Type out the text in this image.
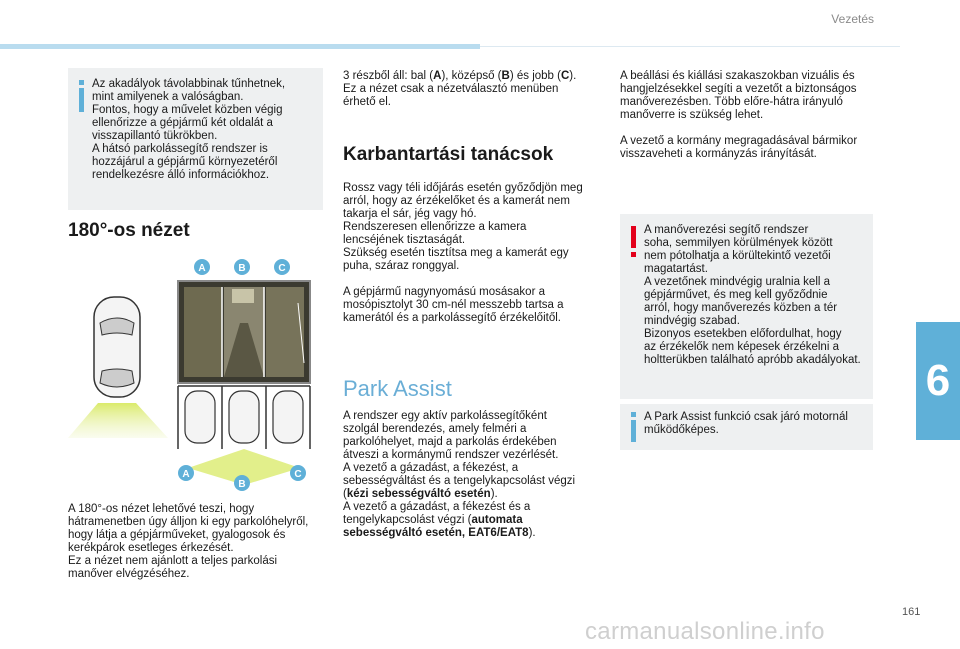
Vezetés
6
Az akadályok távolabbinak tűnhetnek,
mint amilyenek a valóságban.
Fontos, hogy a művelet közben végig
ellenőrizze a gépjármű két oldalát a
visszapillantó tükrökben.
A hátsó parkolássegítő rendszer is
hozzájárul a gépjármű környezetéről
rendelkezésre álló információkhoz.
180°-os nézet
A	B	C
A
B
C

A 180°-os nézet lehetővé teszi, hogy
hátramenetben úgy álljon ki egy parkolóhelyről,
hogy látja a gépjárműveket, gyalogosok és
kerékpárok esetleges érkezését.
Ez a nézet nem ajánlott a teljes parkolási
manőver elvégzéséhez.

3 részből áll: bal (A), középső (B) és jobb (C).
Ez a nézet csak a nézetválasztó menüben
érhető el.

Karbantartási tanácsok

Rossz vagy téli időjárás esetén győződjön meg
arról, hogy az érzékelőket és a kamerát nem
takarja el sár, jég vagy hó.
Rendszeresen ellenőrizze a kamera
lencséjének tisztaságát.
Szükség esetén tisztítsa meg a kamerát egy
puha, száraz ronggyal.

A gépjármű nagynyomású mosásakor a
mosópisztolyt 30 cm-nél messzebb tartsa a
kamerától és a parkolássegítő érzékelőitől.

Park Assist

A rendszer egy aktív parkolássegítőként
szolgál berendezés, amely felméri a
parkolóhelyet, majd a parkolás érdekében
átveszi a kormánymű rendszer vezérlését.
A vezető a gázadást, a fékezést, a
sebességváltást és a tengelykapcsolást végzi
(kézi sebességváltó esetén).
A vezető a gázadást, a fékezést és a
tengelykapcsolást végzi (automata
sebességváltó esetén, EAT6/EAT8).

A beállási és kiállási szakaszokban vizuális és
hangjelzésekkel segíti a vezetőt a biztonságos
manőverezésben. Több előre-hátra irányuló
manőverre is szükség lehet.

A vezető a kormány megragadásával bármikor
visszaveheti a kormányzás irányítását.

A manőverezési segítő rendszer
soha, semmilyen körülmények között
nem pótolhatja a körültekintő vezetői
magatartást.
A vezetőnek mindvégig uralnia kell a
gépjárművet, és meg kell győződnie
arról, hogy manőverezés közben a tér
mindvégig szabad.
Bizonyos esetekben előfordulhat, hogy
az érzékelők nem képesek érzékelni a
holtterükben található apróbb akadályokat.
A Park Assist funkció csak járó motornál
működőképes.
161
carmanualsonline.info
